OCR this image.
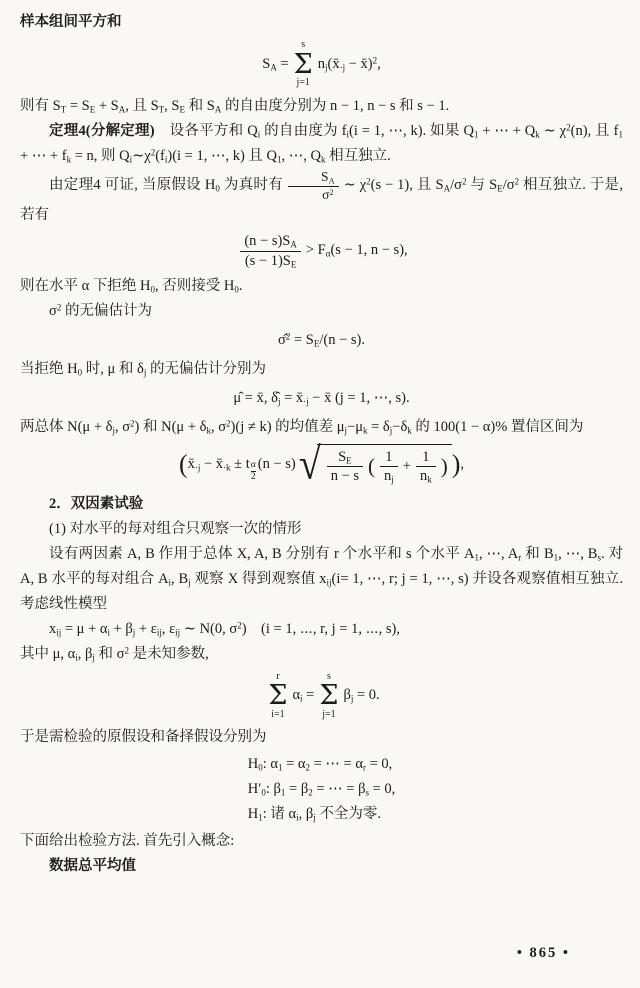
样本组间平方和
$S_A$ =
s
Σ
j=1
$n_j(x̄_{\cdot j}$ − x̄)$^2$,

则有 $S_T = S_E + S_A$, 且 $S_T$, $S_E$ 和 $S_A$ 的自由度分别为 n − 1, n − s 和 s − 1.

定理4(分解定理)　设各平方和 $Q_i$ 的自由度为 $f_i(i = 1$, ⋯, k). 如果 $Q_1$ + ⋯ + $Q_k$ ∼ $\chi^2(n)$, 且 $f_1$ + ⋯ + $f_k = n$, 则 $Q_i\sim\chi^2(f_i)(i = 1$, ⋯, k) 且 $Q_1$, ⋯, $Q_k$ 相互独立.

由定理4 可证, 当原假设 $H_0$ 为真时有 $\frac{S_A}{\sigma^2}$ ∼ $\chi^2(s - 1)$, 且 $S_A/\sigma^2$ 与 $S_E/\sigma^2$ 相互独立. 于是, 若有

$\frac{(n - s)S_A}{(s - 1)S_E} > F_\alpha(s - 1$, n − s),

则在水平 α 下拒绝 $H_0$, 否则接受 $H_0$.

$\sigma^2$ 的无偏估计为

σ̂$^2$ = $S_E/(n - s)$.

当拒绝 $H_0$ 时, μ 和 $\delta_j$ 的无偏估计分别为

μ̂ = x̄, $\deltâ_j$ = $x̄_{\cdot j}$ − x̄ (j = 1, ⋯, s).

两总体 $N(\mu + \delta_j$, $\sigma^2$) 和 $N(\mu + \delta_k$, $\sigma^2)(j \ne k)$ 的均值差 $\mu_j-\mu_k = \delta_j-\delta_k$ 的 100(1 − α)% 置信区间为

($x̄_{\cdot j}$ − $x̄_{\cdot k} \pm t \frac{\alpha}{2} (n - s)$ √ $\frac{S_E}{n - s}$ ( $\frac{1}{n_j} + \frac{1}{n_k}$ ) ),
2．双因素试验
(1) 对水平的每对组合只观察一次的情形

设有两因素 A, B 作用于总体 X, A, B 分别有 r 个水平和 s 个水平 $A_1$, ⋯, $A_r$ 和 $B_1$, ⋯, $B_s$. 对 A, B 水平的每对组合 $A_i$, $B_j$ 观察 X 得到观察值 $x_{ij}(i= 1$, ⋯, r; j = 1, ⋯, s) 并设各观察值相互独立. 考虑线性模型

$x_{ij} = \mu + \alpha_i + \beta_j + \varepsilon_{ij}$, $\varepsilon_{ij}$ ∼ N(0, $\sigma^2$)　(i = 1, ⋯, r, j = 1, ⋯, s),

其中 μ, $\alpha_i$, $\beta_j$ 和 $\sigma^2$ 是未知参数,

r
Σ
i=1
$\alpha_i$ =
s
Σ
j=1
$\beta_j = 0$.

于是需检验的原假设和备择假设分别为

$H_0$: $\alpha_1 = \alpha_2$ = ⋯ = $\alpha_r = 0$,
$H'_0$: $\beta_1 = \beta_2$ = ⋯ = $\beta_s = 0$,
$H_1$: 诸 $\alpha_i$, $\beta_j$ 不全为零.

下面给出检验方法. 首先引入概念:

数据总平均值

• 865 •
